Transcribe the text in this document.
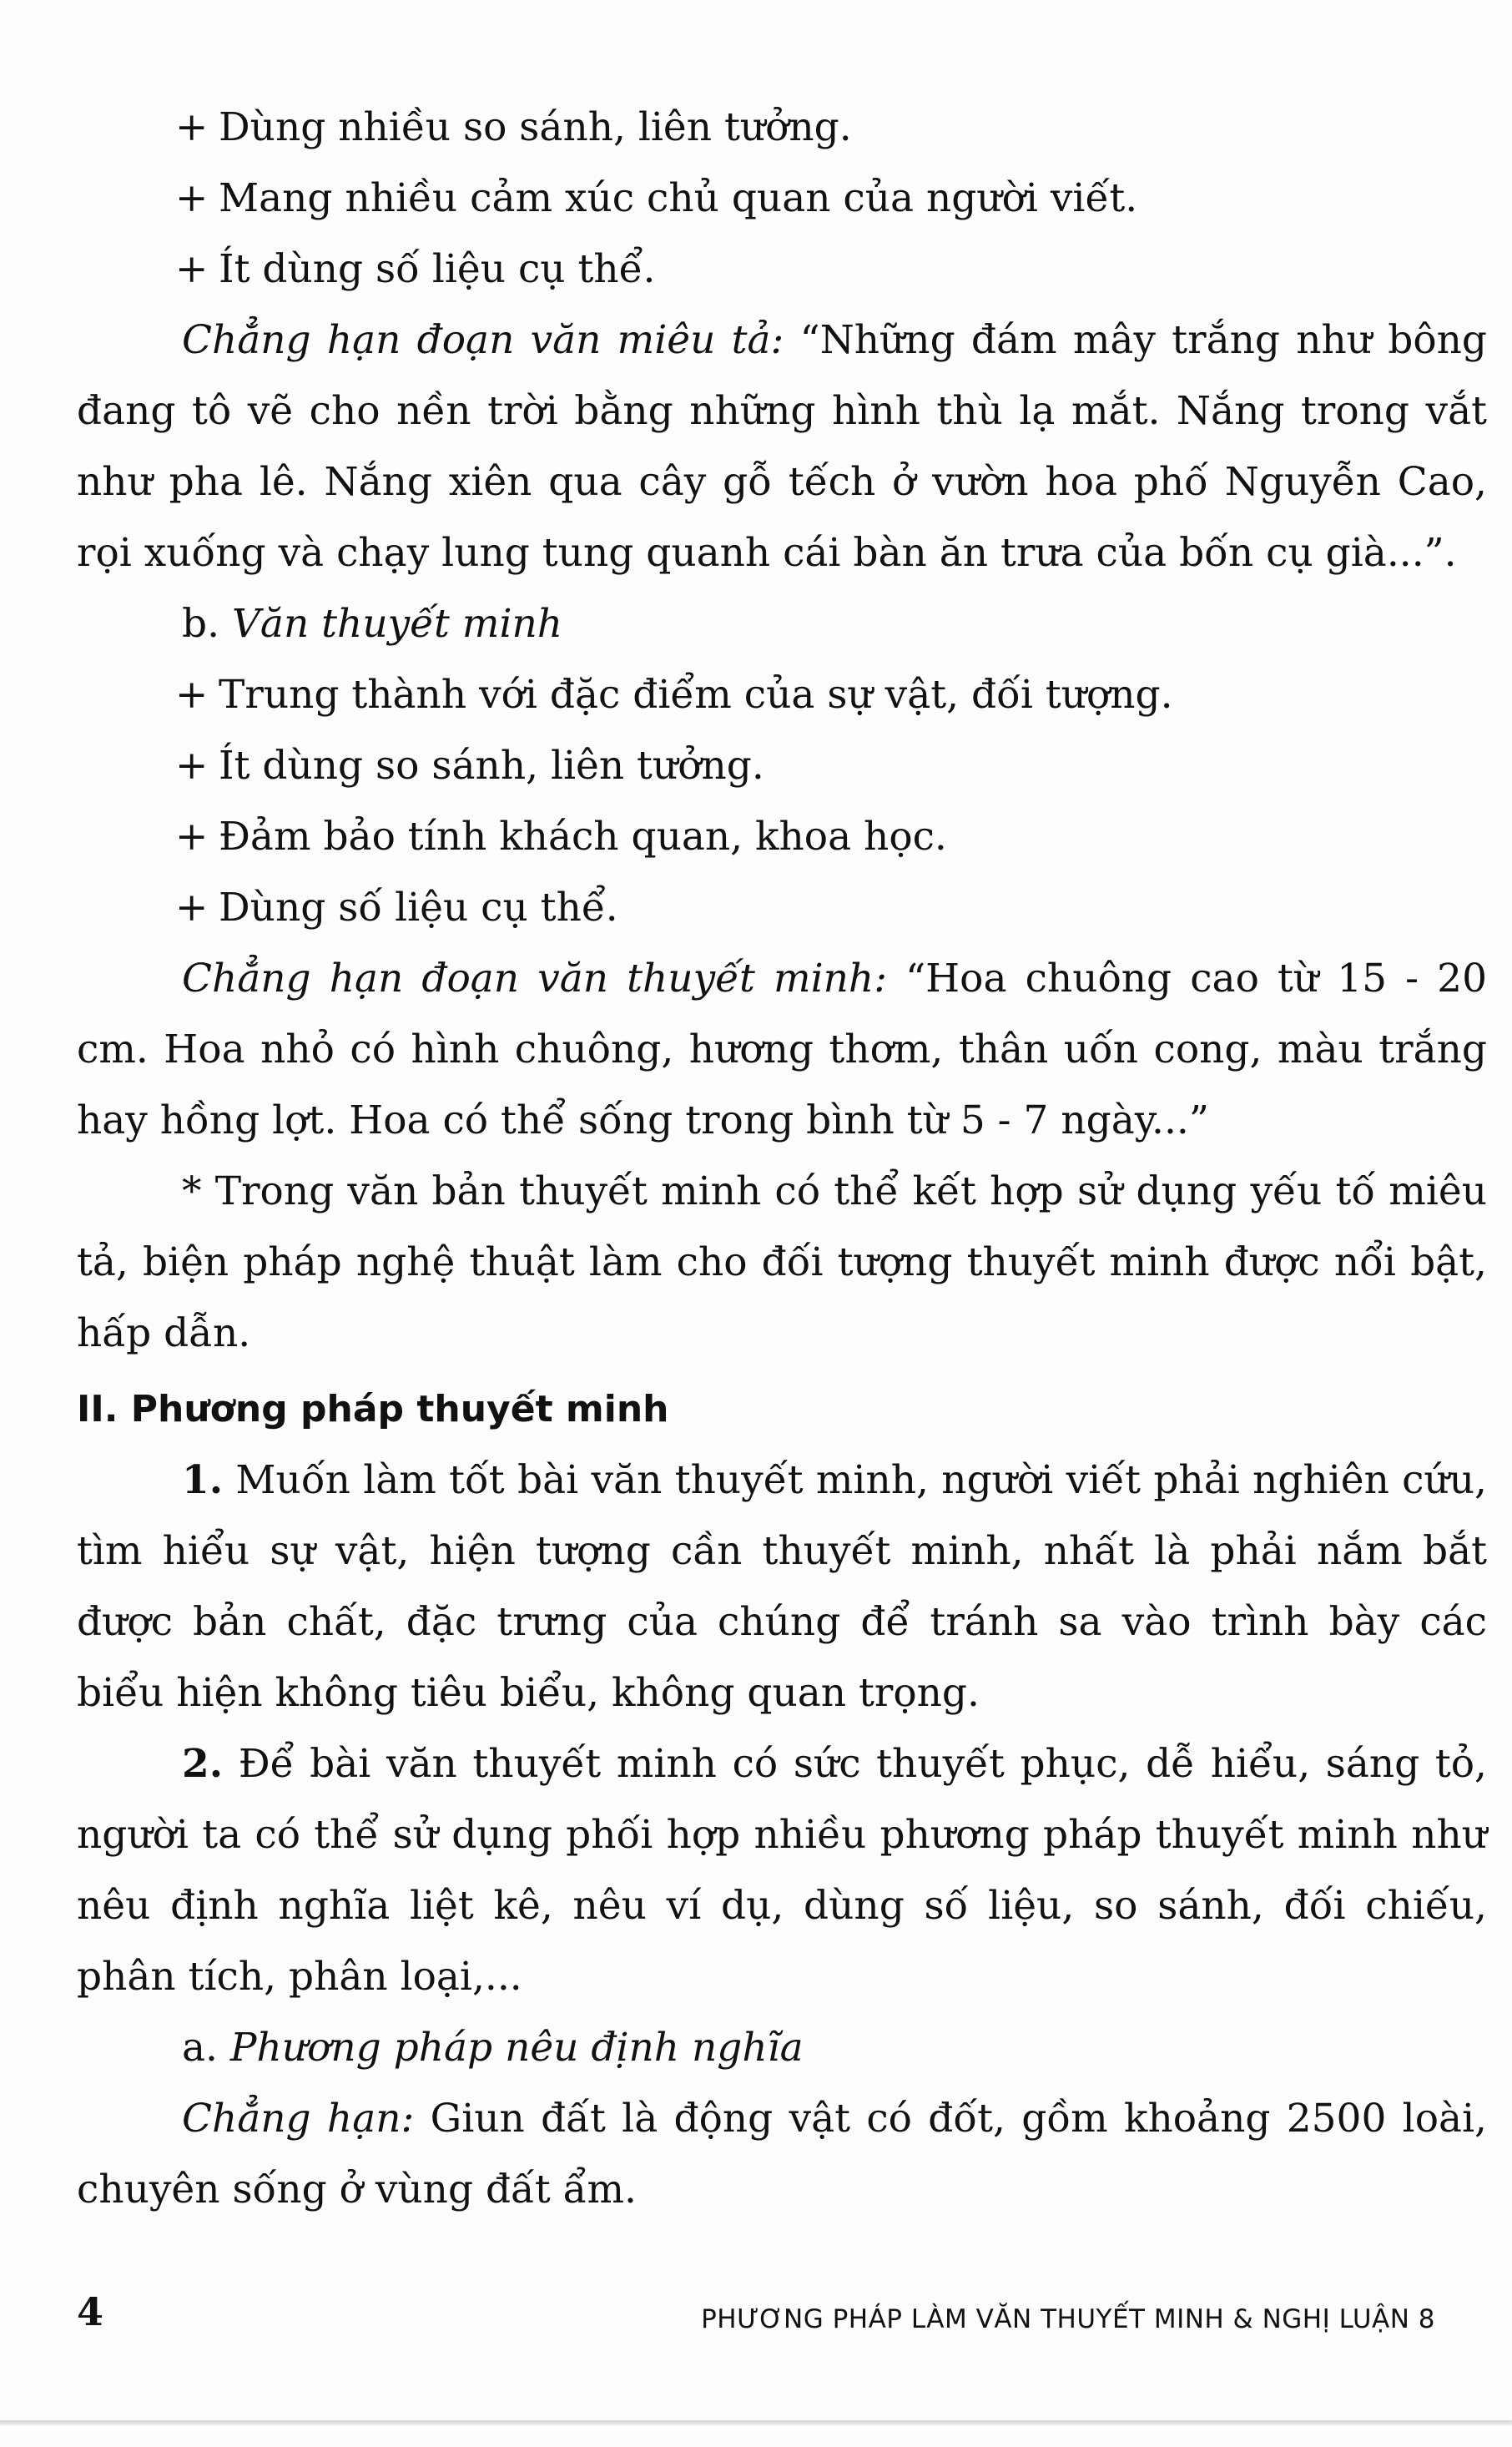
+ Dùng nhiều so sánh, liên tưởng.

+ Mang nhiều cảm xúc chủ quan của người viết.

+ Ít dùng số liệu cụ thể.

Chẳng hạn đoạn văn miêu tả: “Những đám mây trắng như bông đang tô vẽ cho nền trời bằng những hình thù lạ mắt. Nắng trong vắt như pha lê. Nắng xiên qua cây gỗ tếch ở vườn hoa phố Nguyễn Cao, rọi xuống và chạy lung tung quanh cái bàn ăn trưa của bốn cụ già...”.

b. Văn thuyết minh

+ Trung thành với đặc điểm của sự vật, đối tượng.

+ Ít dùng so sánh, liên tưởng.

+ Đảm bảo tính khách quan, khoa học.

+ Dùng số liệu cụ thể.

Chẳng hạn đoạn văn thuyết minh: “Hoa chuông cao từ 15 - 20 cm. Hoa nhỏ có hình chuông, hương thơm, thân uốn cong, màu trắng hay hồng lợt. Hoa có thể sống trong bình từ 5 - 7 ngày...”

* Trong văn bản thuyết minh có thể kết hợp sử dụng yếu tố miêu tả, biện pháp nghệ thuật làm cho đối tượng thuyết minh được nổi bật, hấp dẫn.

II. Phương pháp thuyết minh

1. Muốn làm tốt bài văn thuyết minh, người viết phải nghiên cứu, tìm hiểu sự vật, hiện tượng cần thuyết minh, nhất là phải nắm bắt được bản chất, đặc trưng của chúng để tránh sa vào trình bày các biểu hiện không tiêu biểu, không quan trọng.

2. Để bài văn thuyết minh có sức thuyết phục, dễ hiểu, sáng tỏ, người ta có thể sử dụng phối hợp nhiều phương pháp thuyết minh như nêu định nghĩa liệt kê, nêu ví dụ, dùng số liệu, so sánh, đối chiếu, phân tích, phân loại,...

a. Phương pháp nêu định nghĩa

Chẳng hạn: Giun đất là động vật có đốt, gồm khoảng 2500 loài, chuyên sống ở vùng đất ẩm.

4	PHƯƠNG PHÁP LÀM VĂN THUYẾT MINH & NGHỊ LUẬN 8
